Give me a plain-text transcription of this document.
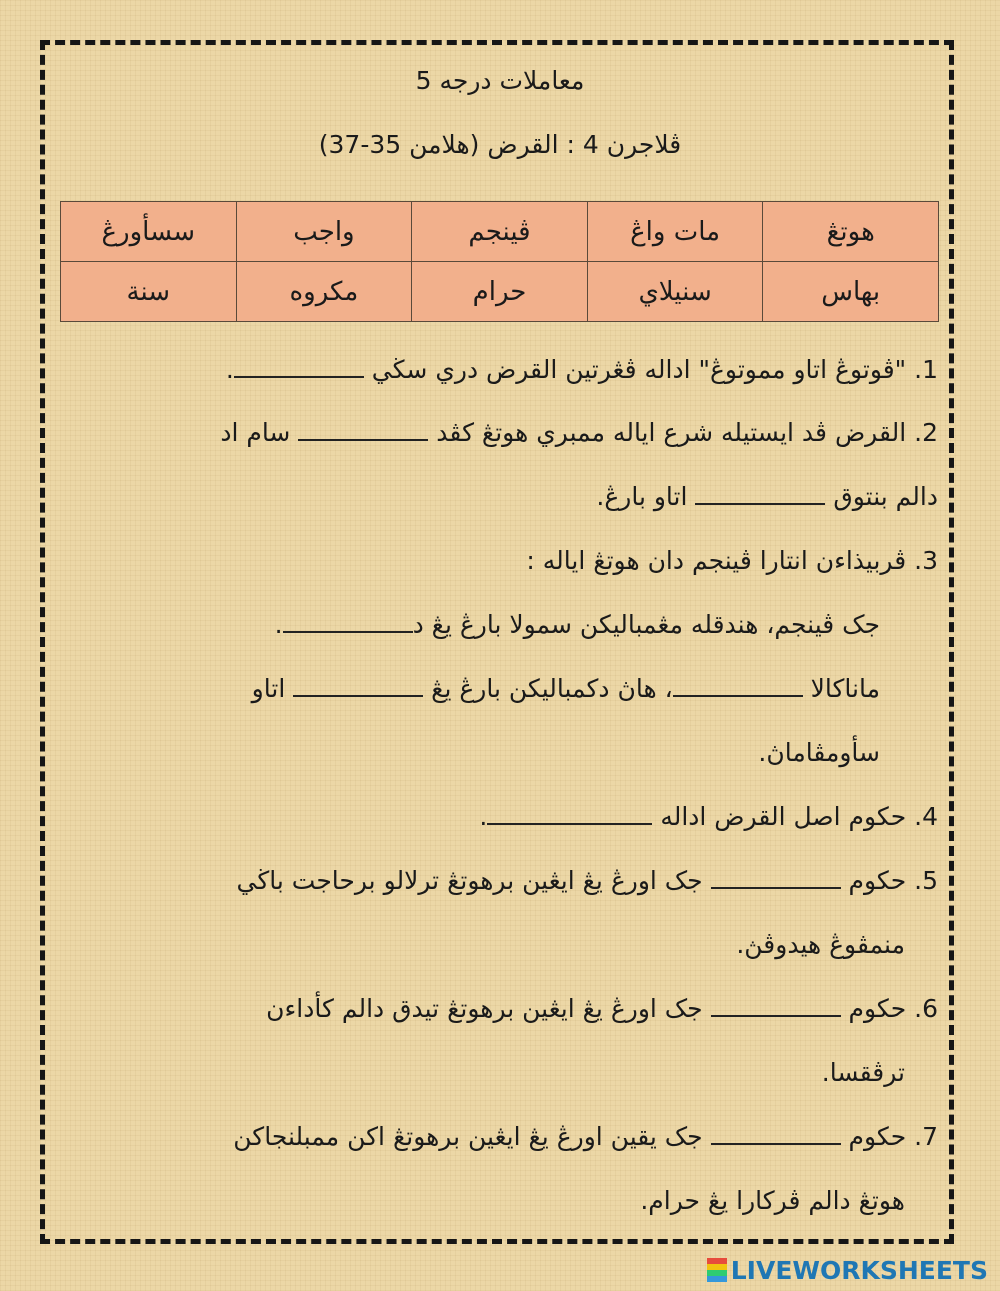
معاملات درجه 5
ڤلاجرن 4 : القرض (هلامن 35-37)
هوتڠ	مات واڠ	ڤينجم	واجب	سسأورڠ
بهاس	سنيلاي	حرام	مكروه	سنة
1. "ڤوتوڠ اتاو مموتوڠ" اداله ڤڠرتين القرض دري سڬي .
2. القرض ڤد ايستيله شرع اياله ممبري هوتڠ كڤد  سام اد
دالم بنتوق  اتاو بارڠ.
3. ڤربيذاءن انتارا ڤينجم دان هوتڠ اياله :
جک ڤينجم، هندقله مڠمباليكن سمولا بارڠ يڠ د.
ماناكالا ، هاڽ دكمباليكن بارڠ يڠ  اتاو
سأومڤاماڽ.
4. حكوم اصل القرض اداله .
5. حكوم  جک اورڠ يڠ ايڠين برهوتڠ ترلالو برحاجت باڬي
منمڤوڠ هيدوڤڽ.
6. حكوم  جک اورڠ يڠ ايڠين برهوتڠ تيدق دالم كأداءن
ترڤقسا.
7. حكوم  جک يقين اورڠ يڠ ايڠين برهوتڠ اكن ممبلنجاكن
هوتڠ دالم ڤركارا يڠ حرام.
LIVEWORKSHEETS
